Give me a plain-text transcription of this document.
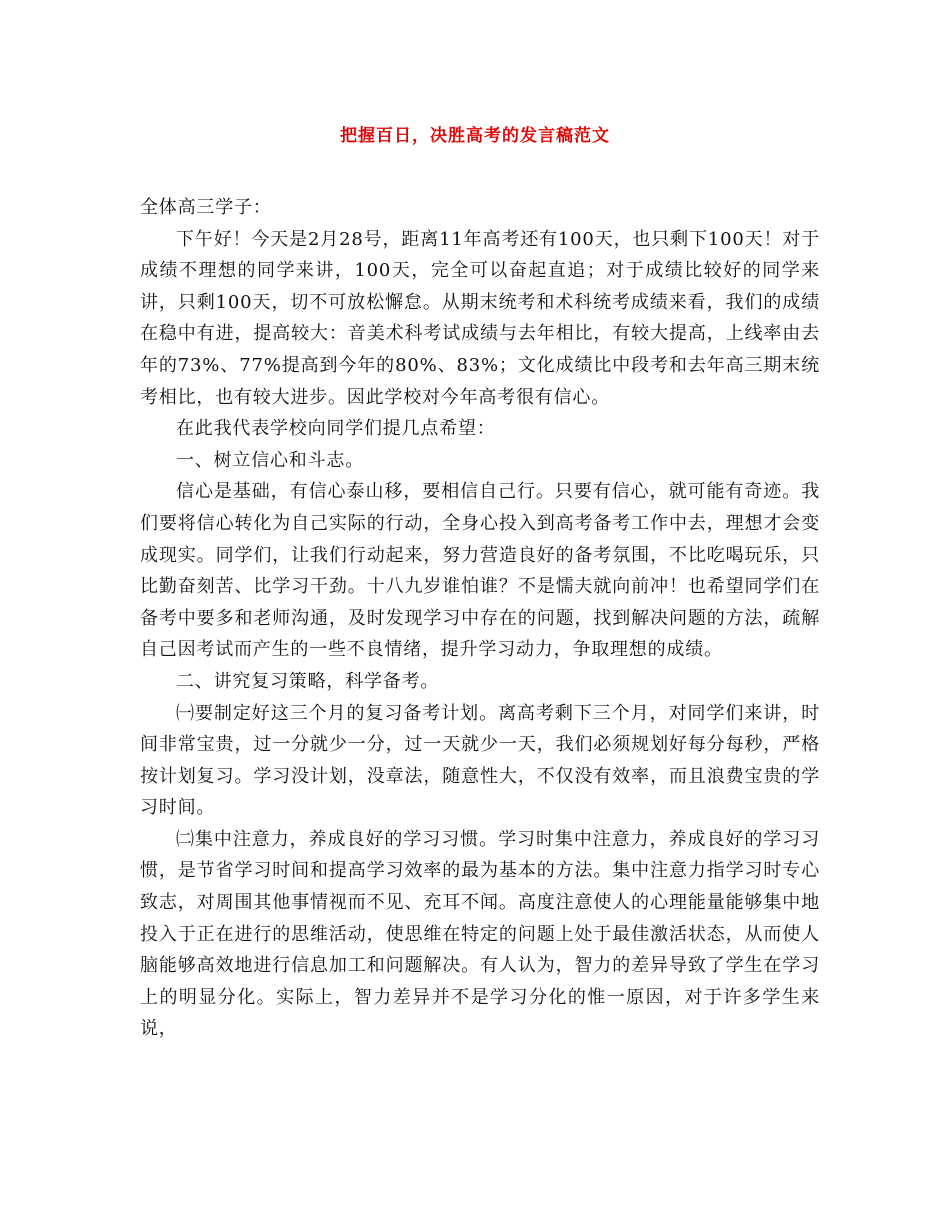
把握百日，决胜高考的发言稿范文

全体高三学子：

下午好！今天是2月28号，距离11年高考还有100天，也只剩下100天！对于成绩不理想的同学来讲，100天，完全可以奋起直追；对于成绩比较好的同学来讲，只剩100天，切不可放松懈怠。从期末统考和术科统考成绩来看，我们的成绩在稳中有进，提高较大：音美术科考试成绩与去年相比，有较大提高，上线率由去年的73%、77%提高到今年的80%、83%；文化成绩比中段考和去年高三期末统考相比，也有较大进步。因此学校对今年高考很有信心。

在此我代表学校向同学们提几点希望：

一、树立信心和斗志。

信心是基础，有信心泰山移，要相信自己行。只要有信心，就可能有奇迹。我们要将信心转化为自己实际的行动，全身心投入到高考备考工作中去，理想才会变成现实。同学们，让我们行动起来，努力营造良好的备考氛围，不比吃喝玩乐，只比勤奋刻苦、比学习干劲。十八九岁谁怕谁？不是懦夫就向前冲！也希望同学们在备考中要多和老师沟通，及时发现学习中存在的问题，找到解决问题的方法，疏解自己因考试而产生的一些不良情绪，提升学习动力，争取理想的成绩。

二、讲究复习策略，科学备考。

㈠要制定好这三个月的复习备考计划。离高考剩下三个月，对同学们来讲，时间非常宝贵，过一分就少一分，过一天就少一天，我们必须规划好每分每秒，严格按计划复习。学习没计划，没章法，随意性大，不仅没有效率，而且浪费宝贵的学习时间。

㈡集中注意力，养成良好的学习习惯。学习时集中注意力，养成良好的学习习惯，是节省学习时间和提高学习效率的最为基本的方法。集中注意力指学习时专心致志，对周围其他事情视而不见、充耳不闻。高度注意使人的心理能量能够集中地投入于正在进行的思维活动，使思维在特定的问题上处于最佳激活状态，从而使人脑能够高效地进行信息加工和问题解决。有人认为，智力的差异导致了学生在学习上的明显分化。实际上，智力差异并不是学习分化的惟一原因，对于许多学生来说，
